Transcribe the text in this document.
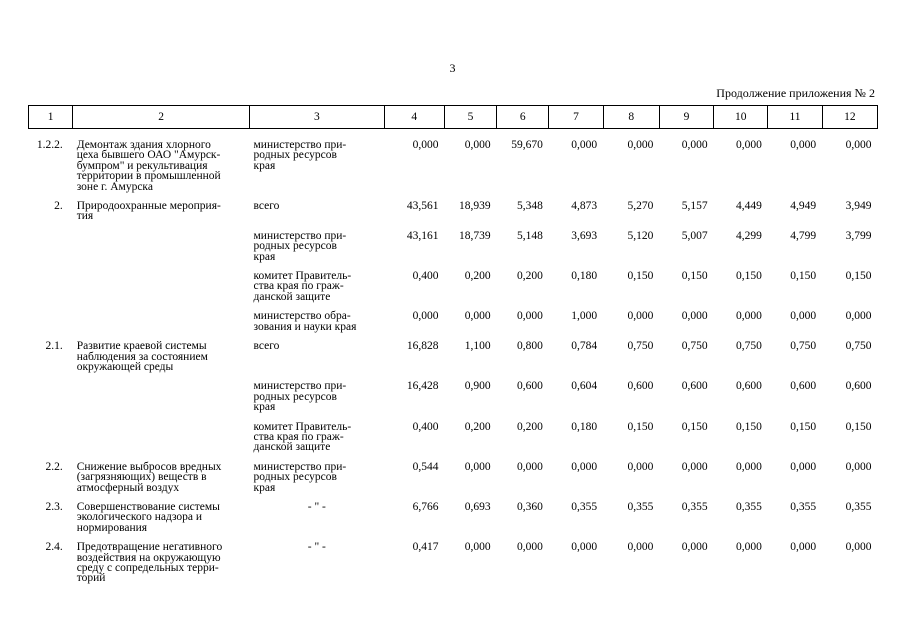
3
Продолжение приложения № 2
1	2	3	4	5	6	7	8	9	10	11	12
1.2.2.	Демонтаж здания хлорного
цеха бывшего ОАО "Амурск-
бумпром" и рекультивация
территории в промышленной
зоне г. Амурска	министерство при-
родных ресурсов
края	0,000	0,000	59,670	0,000	0,000	0,000	0,000	0,000	0,000
2.	Природоохранные мероприя-
тия	всего	43,561	18,939	5,348	4,873	5,270	5,157	4,449	4,949	3,949
		министерство при-
родных ресурсов
края	43,161	18,739	5,148	3,693	5,120	5,007	4,299	4,799	3,799
		комитет Правитель-
ства края по граж-
данской защите	0,400	0,200	0,200	0,180	0,150	0,150	0,150	0,150	0,150
		министерство обра-
зования и науки края	0,000	0,000	0,000	1,000	0,000	0,000	0,000	0,000	0,000
2.1.	Развитие краевой системы
наблюдения за состоянием
окружающей среды	всего	16,828	1,100	0,800	0,784	0,750	0,750	0,750	0,750	0,750
		министерство при-
родных ресурсов
края	16,428	0,900	0,600	0,604	0,600	0,600	0,600	0,600	0,600
		комитет Правитель-
ства края по граж-
данской защите	0,400	0,200	0,200	0,180	0,150	0,150	0,150	0,150	0,150
2.2.	Снижение выбросов вредных
(загрязняющих) веществ в
атмосферный воздух	министерство при-
родных ресурсов
края	0,544	0,000	0,000	0,000	0,000	0,000	0,000	0,000	0,000
2.3.	Совершенствование системы
экологического надзора и
нормирования	- " -	6,766	0,693	0,360	0,355	0,355	0,355	0,355	0,355	0,355
2.4.	Предотвращение негативного
воздействия на окружающую
среду с сопредельных терри-
торий	- " -	0,417	0,000	0,000	0,000	0,000	0,000	0,000	0,000	0,000
